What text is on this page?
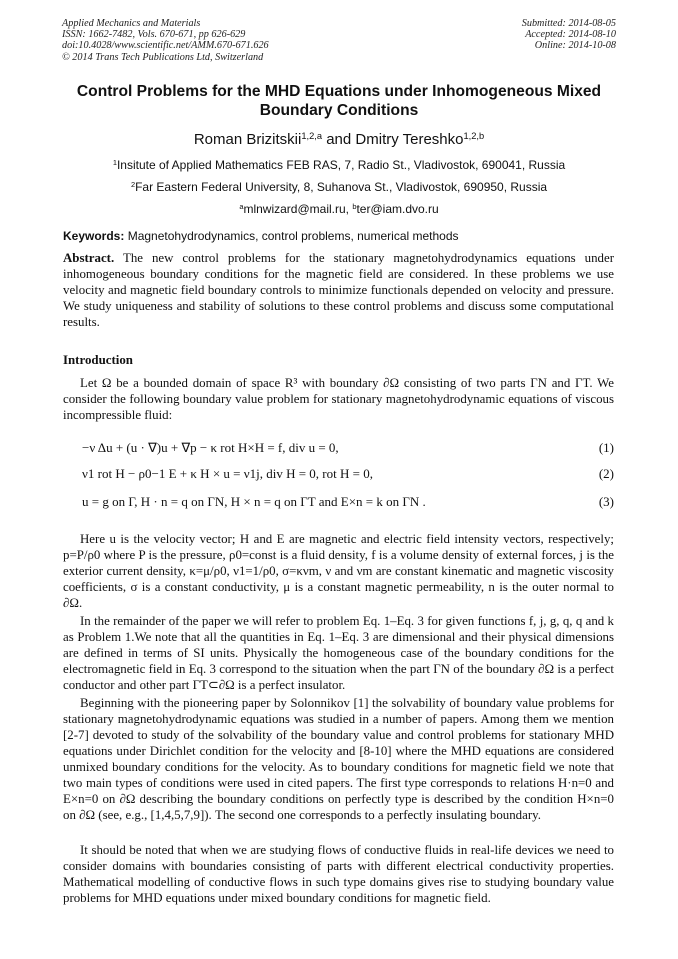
Applied Mechanics and Materials
ISSN: 1662-7482, Vols. 670-671, pp 626-629
doi:10.4028/www.scientific.net/AMM.670-671.626
© 2014 Trans Tech Publications Ltd, Switzerland
Submitted: 2014-08-05
Accepted: 2014-08-10
Online: 2014-10-08
Control Problems for the MHD Equations under Inhomogeneous Mixed Boundary Conditions
Roman Brizitskii$^{1,2,a}$ and Dmitry Tereshko$^{1,2,b}$
$^1$Insitute of Applied Mathematics FEB RAS, 7, Radio St., Vladivostok, 690041, Russia
$^2$Far Eastern Federal University, 8, Suhanova St., Vladivostok, 690950, Russia
$^a$mlnwizard@mail.ru, $^b$ter@iam.dvo.ru
Keywords: Magnetohydrodynamics, control problems, numerical methods
Abstract. The new control problems for the stationary magnetohydrodynamics equations under inhomogeneous boundary conditions for the magnetic field are considered. In these problems we use velocity and magnetic field boundary controls to minimize functionals depended on velocity and pressure. We study uniqueness and stability of solutions to these control problems and discuss some computational results.
Introduction
Let Ω be a bounded domain of space R³ with boundary ∂Ω consisting of two parts ΓN and ΓT. We consider the following boundary value problem for stationary magnetohydrodynamic equations of viscous incompressible fluid:
−ν Δu + (u · ∇)u + ∇p − κ rot H×H = f, div u = 0,	(1)
ν1 rot H − ρ0−1 E + κ H × u = ν1j, div H = 0, rot H = 0,	(2)
u = g on Γ, H · n = q on ΓN, H × n = q on ΓT and E×n = k on ΓN .	(3)
Here u is the velocity vector; H and E are magnetic and electric field intensity vectors, respectively; p=P/ρ0 where P is the pressure, ρ0=const is a fluid density, f is a volume density of external forces, j is the exterior current density, κ=μ/ρ0, ν1=1/ρ0, σ=κνm, ν and νm are constant kinematic and magnetic viscosity coefficients, σ is a constant conductivity, μ is a constant magnetic permeability, n is the outer normal to ∂Ω.
In the remainder of the paper we will refer to problem Eq. 1–Eq. 3 for given functions f, j, g, q, q and k as Problem 1.We note that all the quantities in Eq. 1–Eq. 3 are dimensional and their physical dimensions are defined in terms of SI units. Physically the homogeneous case of the boundary conditions for the electromagnetic field in Eq. 3 correspond to the situation when the part ΓN of the boundary ∂Ω is a perfect conductor and other part ΓT⊂∂Ω is a perfect insulator.
Beginning with the pioneering paper by Solonnikov [1] the solvability of boundary value problems for stationary magnetohydrodynamic equations was studied in a number of papers. Among them we mention [2-7] devoted to study of the solvability of the boundary value and control problems for stationary MHD equations under Dirichlet condition for the velocity and [8-10] where the MHD equations are considered unmixed boundary conditions for the velocity. As to boundary conditions for magnetic field we note that two main types of conditions were used in cited papers. The first type corresponds to relations H·n=0 and E×n=0 on ∂Ω describing the boundary conditions on perfectly type is described by the condition H×n=0 on ∂Ω (see, e.g., [1,4,5,7,9]). The second one corresponds to a perfectly insulating boundary.
It should be noted that when we are studying flows of conductive fluids in real-life devices we need to consider domains with boundaries consisting of parts with different electrical conductivity properties. Mathematical modelling of conductive flows in such type domains gives rise to studying boundary value problems for MHD equations under mixed boundary conditions for magnetic field.
